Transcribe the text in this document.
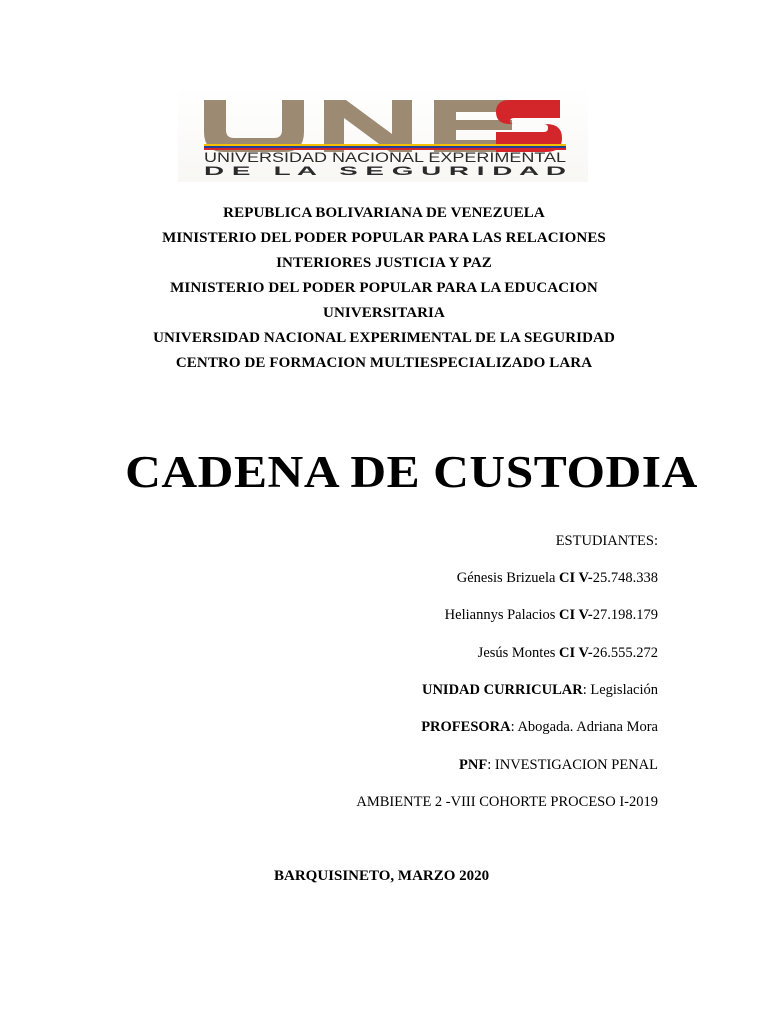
UNIVERSIDAD NACIONAL EXPERIMENTAL
D E   L A   S E G U R I D A D
REPUBLICA BOLIVARIANA DE VENEZUELA
MINISTERIO DEL PODER POPULAR PARA LAS RELACIONES
INTERIORES JUSTICIA Y PAZ
MINISTERIO DEL PODER POPULAR PARA LA EDUCACION
UNIVERSITARIA
UNIVERSIDAD NACIONAL EXPERIMENTAL DE LA SEGURIDAD
CENTRO DE FORMACION MULTIESPECIALIZADO LARA
CADENA DE CUSTODIA
ESTUDIANTES:
Génesis Brizuela CI V-25.748.338
Heliannys Palacios CI V-27.198.179
Jesús Montes CI V-26.555.272
UNIDAD CURRICULAR: Legislación
PROFESORA: Abogada. Adriana Mora
PNF: INVESTIGACION PENAL
AMBIENTE 2 -VIII COHORTE PROCESO I-2019
BARQUISINETO, MARZO 2020
